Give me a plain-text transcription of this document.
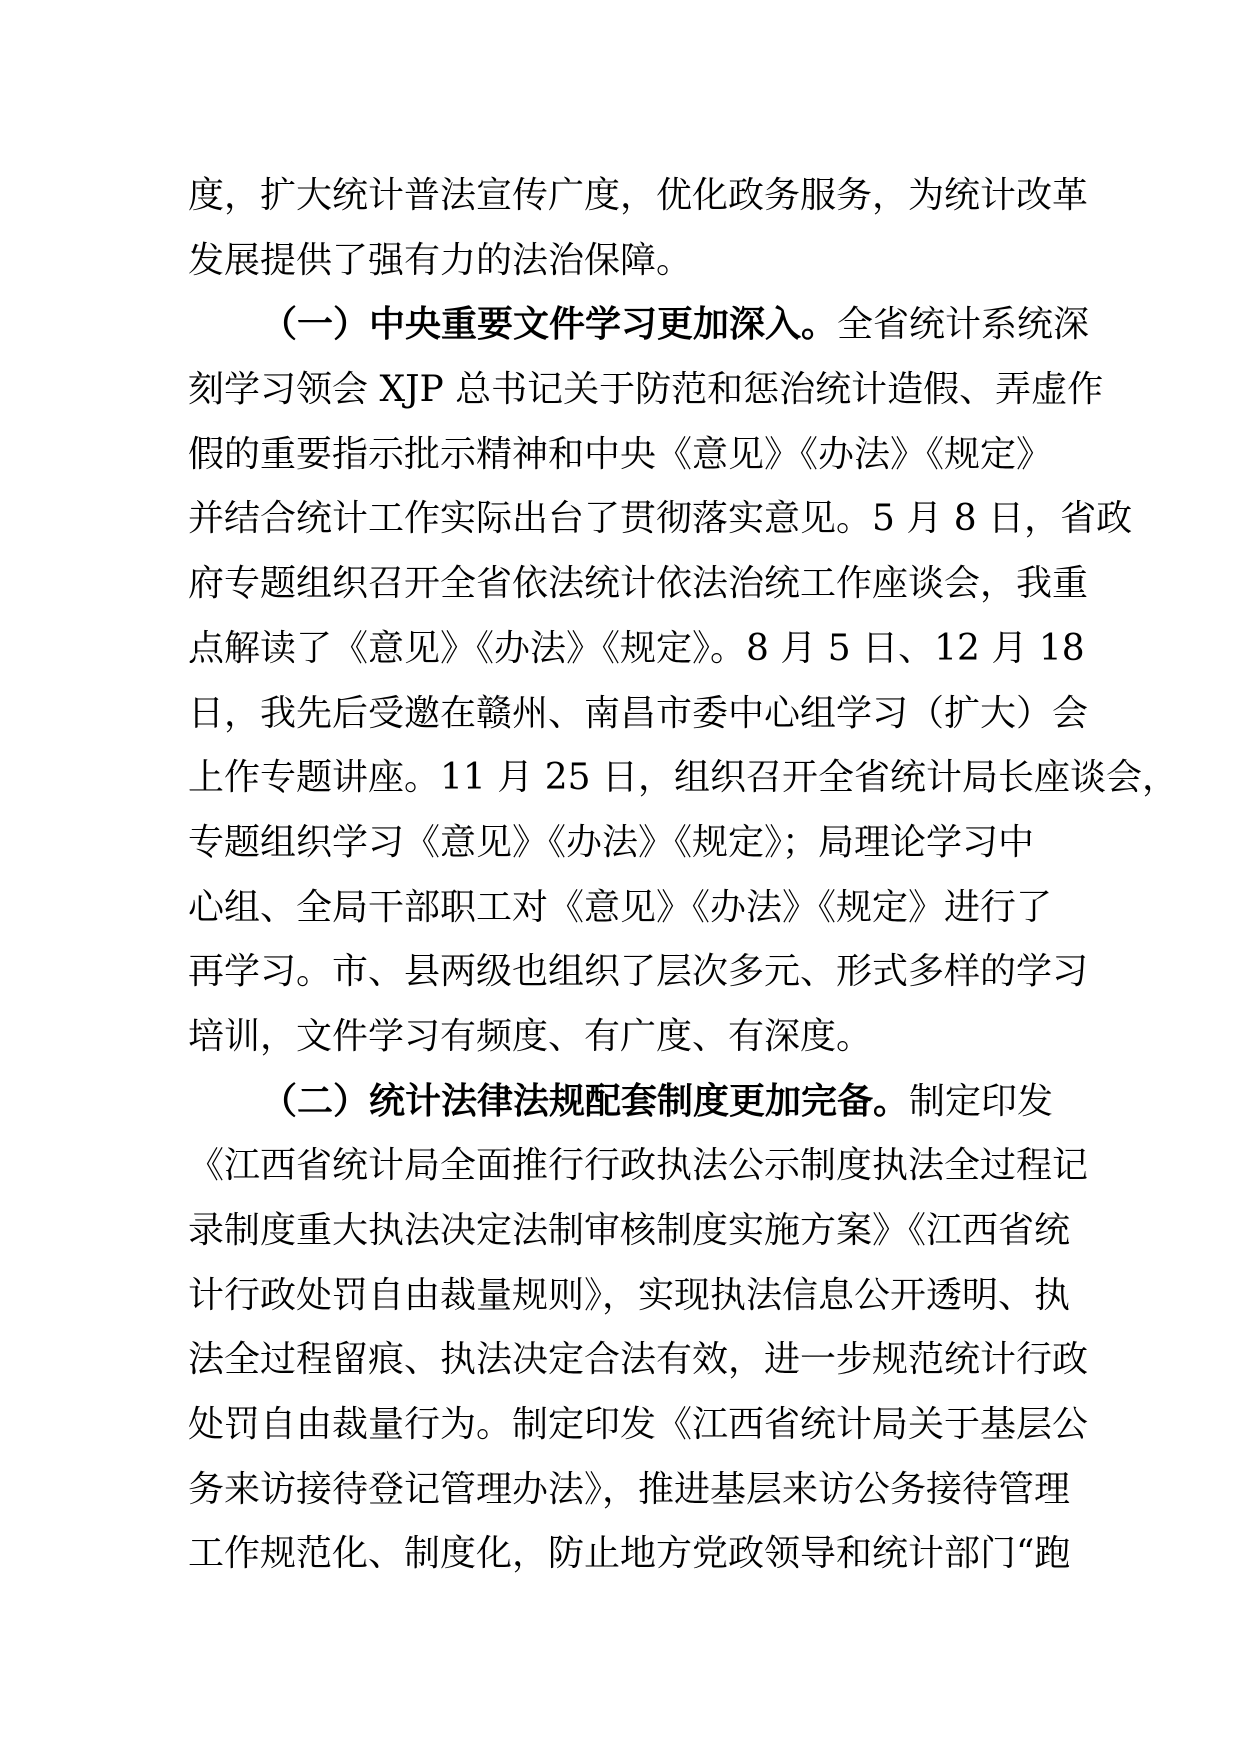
度，扩大统计普法宣传广度，优化政务服务，为统计改革
发展提供了强有力的法治保障。
（一）中央重要文件学习更加深入。全省统计系统深
刻学习领会 XJP 总书记关于防范和惩治统计造假、弄虚作
假的重要指示批示精神和中央《意见》《办法》《规定》
并结合统计工作实际出台了贯彻落实意见。5 月 8 日，省政
府专题组织召开全省依法统计依法治统工作座谈会，我重
点解读了《意见》《办法》《规定》。8 月 5 日、12 月 18
日，我先后受邀在赣州、南昌市委中心组学习（扩大）会
上作专题讲座。11 月 25 日，组织召开全省统计局长座谈会，
专题组织学习《意见》《办法》《规定》；局理论学习中
心组、全局干部职工对《意见》《办法》《规定》进行了
再学习。市、县两级也组织了层次多元、形式多样的学习
培训，文件学习有频度、有广度、有深度。
（二）统计法律法规配套制度更加完备。制定印发
《江西省统计局全面推行行政执法公示制度执法全过程记
录制度重大执法决定法制审核制度实施方案》《江西省统
计行政处罚自由裁量规则》，实现执法信息公开透明、执
法全过程留痕、执法决定合法有效，进一步规范统计行政
处罚自由裁量行为。制定印发《江西省统计局关于基层公
务来访接待登记管理办法》，推进基层来访公务接待管理
工作规范化、制度化，防止地方党政领导和统计部门“跑
